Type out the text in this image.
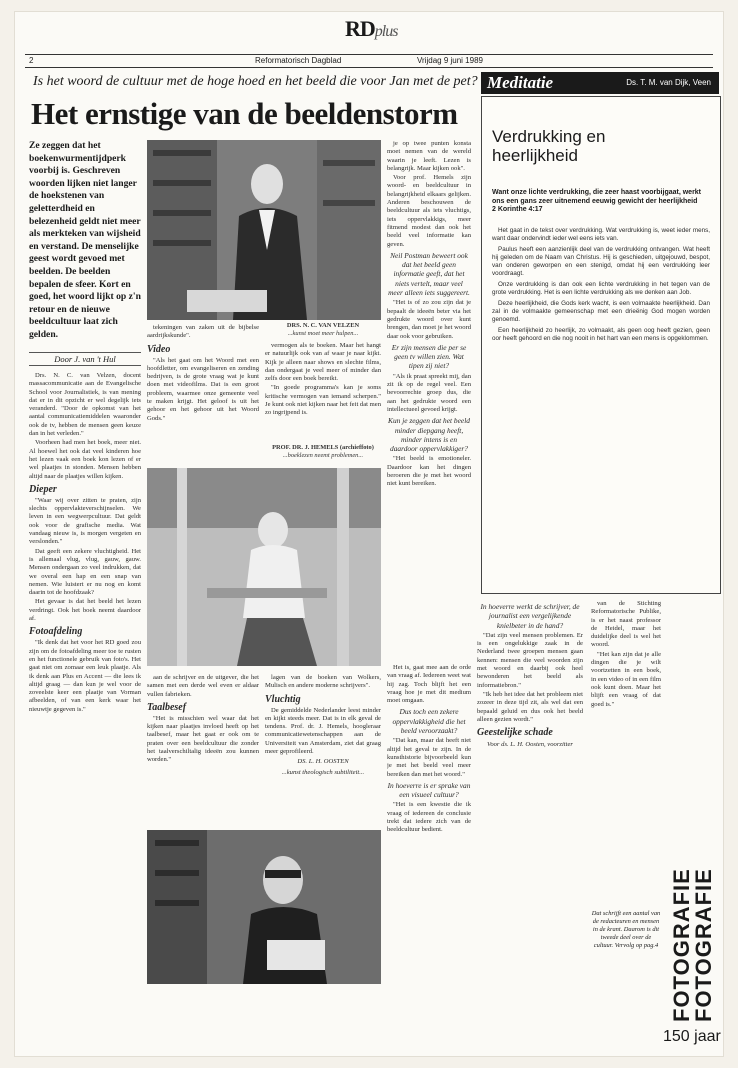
RDplus
2	Reformatorisch Dagblad	Vrijdag 9 juni 1989
Is het woord de cultuur met de hoge hoed en het beeld die voor Jan met de pet?
Het ernstige van de beeldenstorm
Ze zeggen dat het boekenwurmentijdperk voorbij is. Geschreven woorden lijken niet langer de hoekstenen van geletterdheid en belezenheid geldt niet meer als merkteken van wijsheid en verstand. De menselijke geest wordt gevoed met beelden. De beelden bepalen de sfeer. Kort en goed, het woord lijkt op z'n retour en de nieuwe beeldcultuur laat zich gelden.
Door J. van 't Hul

Drs. N. C. van Velzen, docent massacommunicatie aan de Evangelische School voor Journalistiek, is van mening dat er in dit opzicht er wel degelijk iets veranderd. "Door de opkomst van het aantal communicatiemiddelen waaronder ook de tv, hebben de mensen geen keuze dan in het verleden."

Voorheen had men het boek, meer niet. Al hoewel het ook dat veel kinderen hoe het lezen vaak een boek kon lezen of er wel plaatjes in stonden. Mensen hebben altijd naar de plaatjes willen kijken.

Dieper

"Waar wij over zitten te praten, zijn slechts oppervlakteverschijnselen. We leven in een wegwerpcultuur. Dat geldt ook voor de grafische media. Wat vandaag nieuw is, is morgen vergeten en verslonden."

Dat geeft een zekere vluchtigheid. Het is allemaal vlug, vlug, gauw, gauw. Mensen ondergaan zo veel indrukken, dat we overal een hap en een snap van nemen. Wie luistert er nu nog en komt daarin tot de hoofdzaak?

Het gevaar is dat het beeld het lezen verdringt. Ook het boek neemt daardoor af.

Fotoafdeling

"Ik denk dat het voor het RD goed zou zijn om de fotoafdeling meer toe te rusten en het functionele gebruik van foto's. Het gaat niet om zomaar een leuk plaatje. Als ik denk aan Plus en Accent — die lees ik altijd graag — dan kun je wel voor de zoveelste keer een plaatje van Vorman afbeelden, of van een kerk waar het nieuwtje gegeven is."

DRS. N. C. VAN VELZEN
...kunst moet meer hulpen...

tekeningen van zaken uit de bijbelse aardrijkskunde".

Video

"Als het gaat om het Woord met een hoofdletter, om evangeliseren en zending bedrijven, is de grote vraag wat je kunt doen met videofilms. Dat is een groot probleem, waarmee onze gemeente veel te maken krijgt. Het geloof is uit het gehoor en het gehoor uit het Woord Gods."

vermogen als te boeken. Maar het hangt er natuurlijk ook van af waar je naar kijkt. Kijk je alleen naar shows en slechte films, dan ondergaat je veel meer of minder dan zelfs door een boek bereikt.

"In goede programma's kan je soms kritische vermogen van iemand scherpen." Je kunt ook niet kijken naar het feit dat men zo ingrijpend is.

PROF. DR. J. HEMELS (archieffoto)
...boeklezen neemt problemen...

je op twee punten konsta moet nemen van de wereld waarin je leeft. Lezen is belangrijk. Maar kijken ook".

Voor prof. Hemels zijn woord- en beeldcultuur in belangrijkheid elkaars gelijken. Anderen beschouwen de beeldcultuur als iets vluchtigs, iets oppervlakkigs, meer fitmend modest dan ook het beeld veel informatie kan geven.

Neil Postman beweert ook dat het beeld geen informatie geeft, dat het niets vertelt, maar veel meer alleen iets suggereert.

"Het is of zo zou zijn dat je bepaalt de ideeën beter via het gedrukte woord over kunt brengen, dan moet je het woord daar ook voor gebruiken.

Er zijn mensen die per se geen tv willen zien. Wat tipen zij niet?

"Als ik praat spreekt mij, dan zit ik op de regel veel. Een bevoorrechte groep dus, die aan het gedrukte woord een intellectueel gevoed krijgt.

Kun je zeggen dat het beeld minder diepgang heeft, minder intens is en daardoor oppervlakkiger?

"Het beeld is emotioneler. Daardoor kan het dingen beroeren die je met het woord niet kunt bereiken.

aan de schrijver en de uitgever, die het samen met een derde wel even er aldaar vullen fabrieken.

Taalbesef

"Het is misschien wel waar dat het kijken naar plaatjes invloed heeft op het taalbesef, maar het gaat er ook om te praten over een beeldcultuur die zonder het taalverschiltalig ideeën zou kunnen worden."

lagen van de boeken van Wolkers, Mulisch en andere moderne schrijvers".

Vluchtig

De gemiddelde Nederlander leest minder en kijkt steeds meer. Dat is in elk geval de tendens. Prof. dr. J. Hemels, hoogleraar communicatiewetenschappen aan de Universiteit van Amsterdam, ziet dat graag meer geprofileerd.

DS. L. H. OOSTEN
...kunst theologisch subtiliteit...

Het is, gaat mee aan de orde van vraag af. Iedereen weet wat hij zag. Toch blijft het een vraag hoe je met dit medium moet omgaan.

Dus toch een zekere oppervlakkigheid die het beeld veroorzaakt?

"Dat kan, maar dat heeft niet altijd het geval te zijn. In de kunsthistorie bijvoorbeeld kun je met het beeld veel meer bereiken dan met het woord."

In hoeverre is er sprake van een visueel cultuur?

"Het is een kwestie die ik vraag of iedereen de conclusie trekt dat iedere zich van de beeldcultuur bedient.

In hoeverre werkt de schrijver, de journalist een vergelijkende knielbeter in de hand?

"Dat zijn veel mensen problemen. Er is een ongelukkige zaak in de Nederland twee groepen mensen gaan kennen: mensen die veel woorden zijn met woord en daarbij ook heel bewonderen het beeld als informatiebron."

"Ik heb het idee dat het probleem niet zozeer in deze tijd zit, als wel dat een bepaald geluid en dus ook het beeld alleen gezien wordt."

Geestelijke schade
Voor ds. L. H. Oosten, voorzitter

van de Stichting Reformatorische Publike, is er het naast professor de Heidel, maar het duidelijke deel is wel het woord.

"Het kan zijn dat je alle dingen die je wilt voortzetten in een boek, in een video of in een film ook kunt doen. Maar het blijft een vraag of dat goed is."

Dat schrijft een aantal van de redacteuren en mensen in de krant. Daarom is dit tweede deel over de cultuur. Vervolg op pag.4
Meditatie	Ds. T. M. van Dijk, Veen
Verdrukking en
heerlijkheid
Want onze lichte verdrukking, die zeer haast voorbijgaat, werkt ons een gans zeer uitnemend eeuwig gewicht der heerlijkheid
2 Korinthe 4:17

Het gaat in de tekst over verdrukking. Wat verdrukking is, weet ieder mens, want daar ondervindt ieder wel eens iets van.

Paulus heeft een aanzienlijk deel van de verdrukking ontvangen. Wat heeft hij geleden om de Naam van Christus. Hij is geschieden, uitgejouwd, bespot, van onderen geworpen en een stenigd, omdat hij een verdrukking leer voordraagt.

Onze verdrukking is dan ook een lichte verdrukking in het tegen van de grote verdrukking. Het is een lichte verdrukking als we denken aan Job.

Deze heerlijkheid, die Gods kerk wacht, is een volmaakte heerlijkheid. Dan zal in de volmaakte gemeenschap met een drieënig God mogen worden genoemd.

Een heerlijkheid zo heerlijk, zo volmaakt, als geen oog heeft gezien, geen oor heeft gehoord en die nog nooit in het hart van een mens is opgeklommen.

FOTOGRAFIE
FOTOGRAFIE
150 jaar
